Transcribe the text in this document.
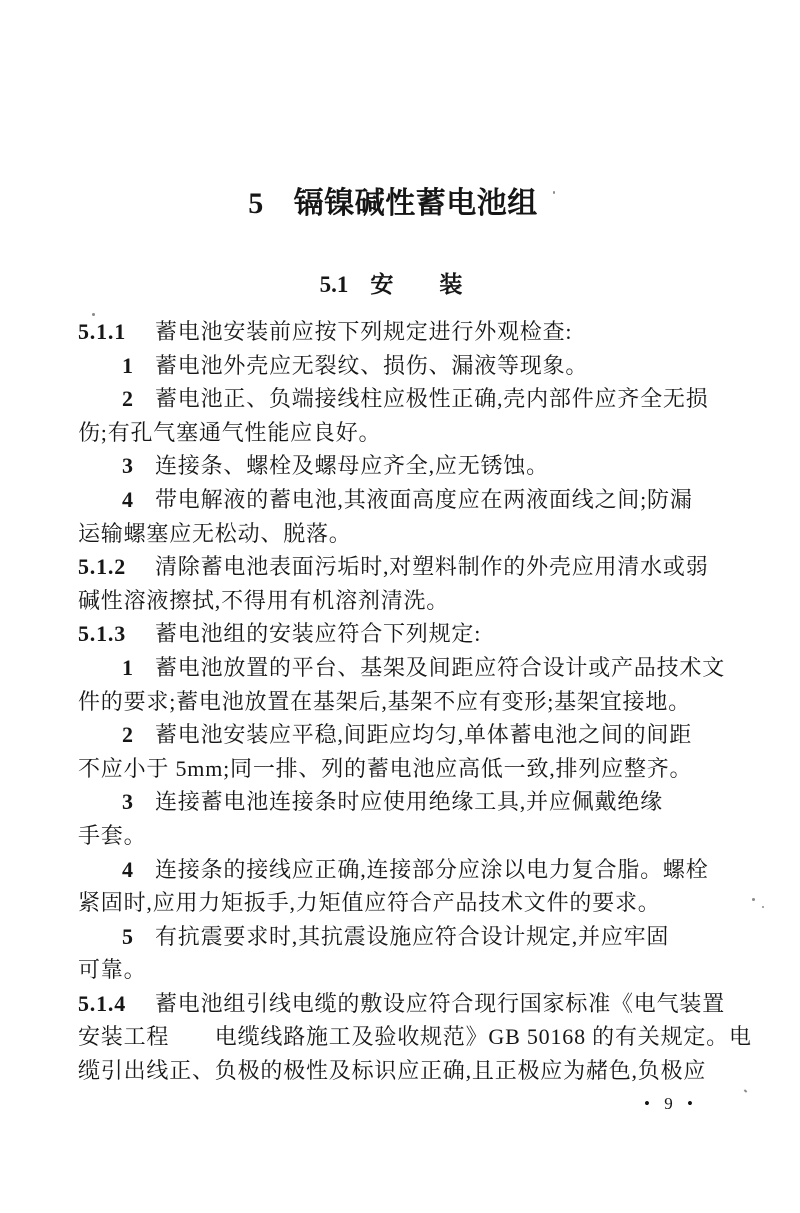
5 镉镍碱性蓄电池组
5.1 安　　装
5.1.1 蓄电池安装前应按下列规定进行外观检查:
1 蓄电池外壳应无裂纹、损伤、漏液等现象。
2 蓄电池正、负端接线柱应极性正确,壳内部件应齐全无损
伤;有孔气塞通气性能应良好。
3 连接条、螺栓及螺母应齐全,应无锈蚀。
4 带电解液的蓄电池,其液面高度应在两液面线之间;防漏
运输螺塞应无松动、脱落。
5.1.2 清除蓄电池表面污垢时,对塑料制作的外壳应用清水或弱
碱性溶液擦拭,不得用有机溶剂清洗。
5.1.3 蓄电池组的安装应符合下列规定:
1 蓄电池放置的平台、基架及间距应符合设计或产品技术文
件的要求;蓄电池放置在基架后,基架不应有变形;基架宜接地。
2 蓄电池安装应平稳,间距应均匀,单体蓄电池之间的间距
不应小于 5mm;同一排、列的蓄电池应高低一致,排列应整齐。
3 连接蓄电池连接条时应使用绝缘工具,并应佩戴绝缘
手套。
4 连接条的接线应正确,连接部分应涂以电力复合脂。螺栓
紧固时,应用力矩扳手,力矩值应符合产品技术文件的要求。
5 有抗震要求时,其抗震设施应符合设计规定,并应牢固
可靠。
5.1.4 蓄电池组引线电缆的敷设应符合现行国家标准《电气装置
安装工程　　电缆线路施工及验收规范》GB 50168 的有关规定。电
缆引出线正、负极的极性及标识应正确,且正极应为赭色,负极应
• 9 •
